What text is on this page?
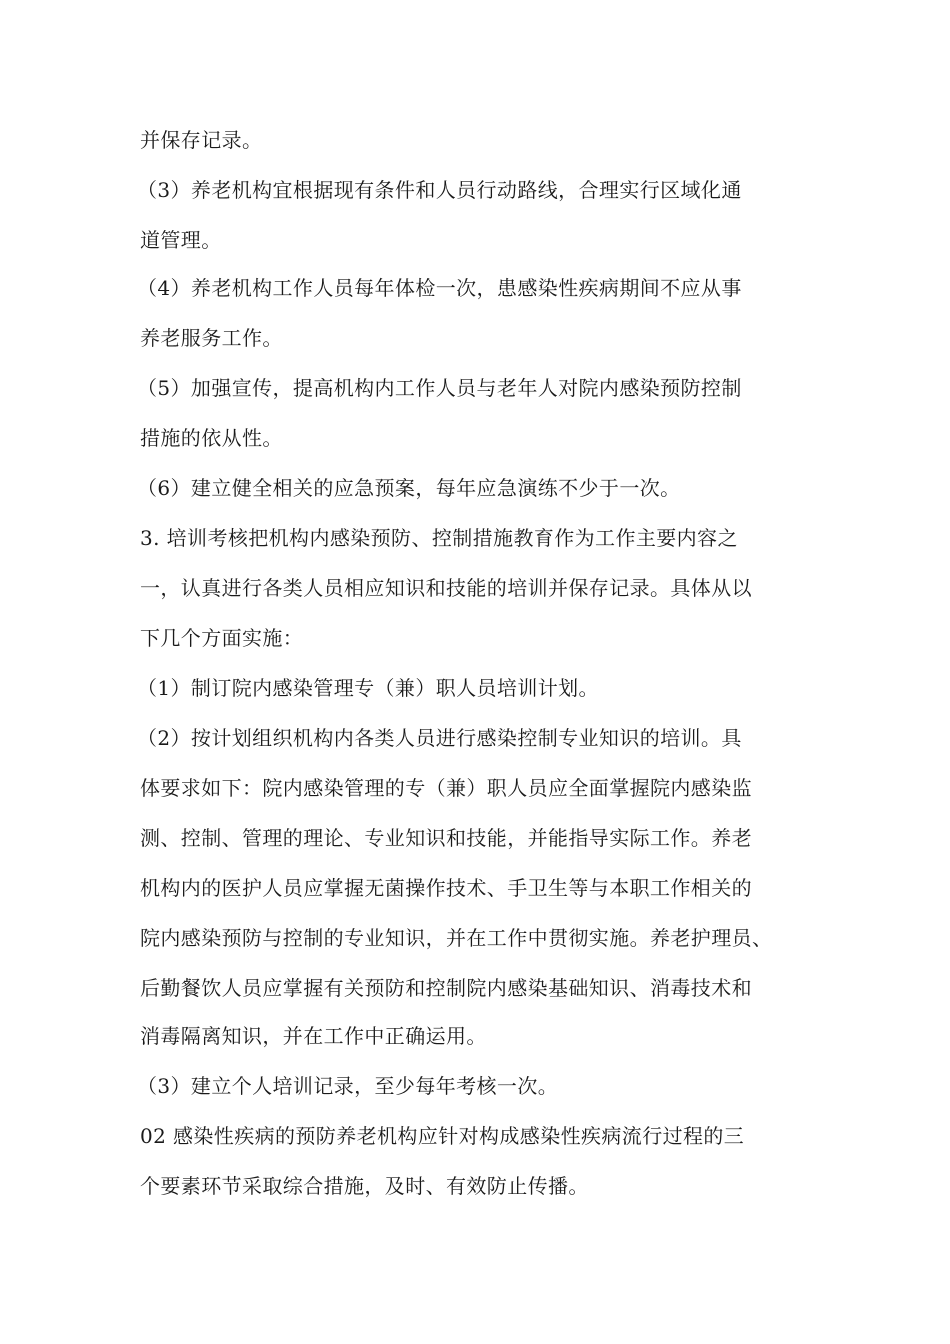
并保存记录。

（3）养老机构宜根据现有条件和人员行动路线，合理实行区域化通

道管理。

（4）养老机构工作人员每年体检一次，患感染性疾病期间不应从事

养老服务工作。

（5）加强宣传，提高机构内工作人员与老年人对院内感染预防控制

措施的依从性。

（6）建立健全相关的应急预案，每年应急演练不少于一次。

3. 培训考核把机构内感染预防、控制措施教育作为工作主要内容之

一，认真进行各类人员相应知识和技能的培训并保存记录。具体从以

下几个方面实施：

（1）制订院内感染管理专（兼）职人员培训计划。

（2）按计划组织机构内各类人员进行感染控制专业知识的培训。具

体要求如下：院内感染管理的专（兼）职人员应全面掌握院内感染监

测、控制、管理的理论、专业知识和技能，并能指导实际工作。养老

机构内的医护人员应掌握无菌操作技术、手卫生等与本职工作相关的

院内感染预防与控制的专业知识，并在工作中贯彻实施。养老护理员、

后勤餐饮人员应掌握有关预防和控制院内感染基础知识、消毒技术和

消毒隔离知识，并在工作中正确运用。

（3）建立个人培训记录，至少每年考核一次。

02 感染性疾病的预防养老机构应针对构成感染性疾病流行过程的三

个要素环节采取综合措施，及时、有效防止传播。
